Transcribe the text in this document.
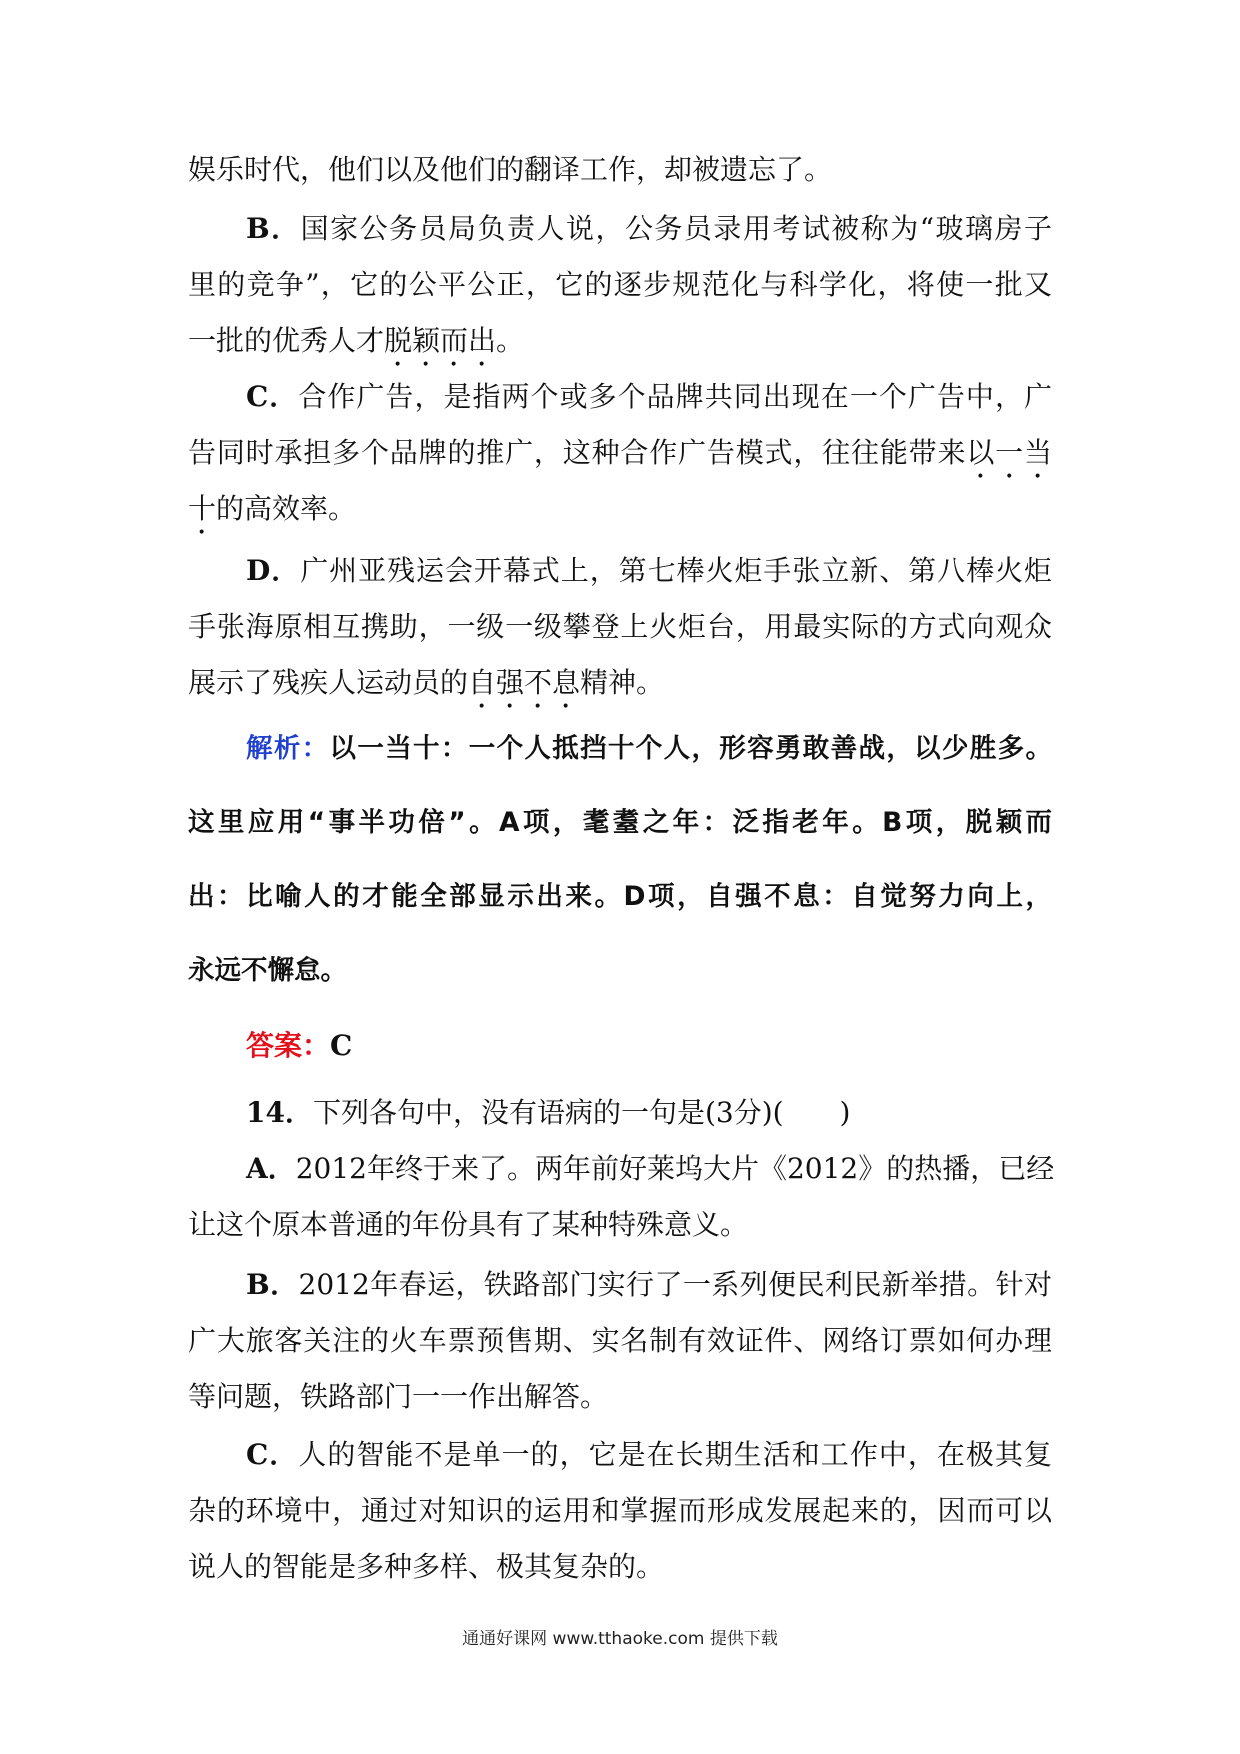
娱乐时代，他们以及他们的翻译工作，却被遗忘了。
B．国家公务员局负责人说，公务员录用考试被称为“玻璃房子
里的竞争”，它的公平公正，它的逐步规范化与科学化，将使一批又
一批的优秀人才脱颖而出。
C．合作广告，是指两个或多个品牌共同出现在一个广告中，广
告同时承担多个品牌的推广，这种合作广告模式，往往能带来以一当
十的高效率。
D．广州亚残运会开幕式上，第七棒火炬手张立新、第八棒火炬
手张海原相互携助，一级一级攀登上火炬台，用最实际的方式向观众
展示了残疾人运动员的自强不息精神。
解析：以一当十：一个人抵挡十个人，形容勇敢善战，以少胜多。
这里应用“事半功倍”。A项，耄耋之年：泛指老年。B项，脱颖而
出：比喻人的才能全部显示出来。D项，自强不息：自觉努力向上，
永远不懈怠。
答案：C
14．下列各句中，没有语病的一句是(3分)(　　)
A．2012年终于来了。两年前好莱坞大片《2012》的热播，已经
让这个原本普通的年份具有了某种特殊意义。
B．2012年春运，铁路部门实行了一系列便民利民新举措。针对
广大旅客关注的火车票预售期、实名制有效证件、网络订票如何办理
等问题，铁路部门一一作出解答。
C．人的智能不是单一的，它是在长期生活和工作中，在极其复
杂的环境中，通过对知识的运用和掌握而形成发展起来的，因而可以
说人的智能是多种多样、极其复杂的。
通通好课网 www.tthaoke.com 提供下载
